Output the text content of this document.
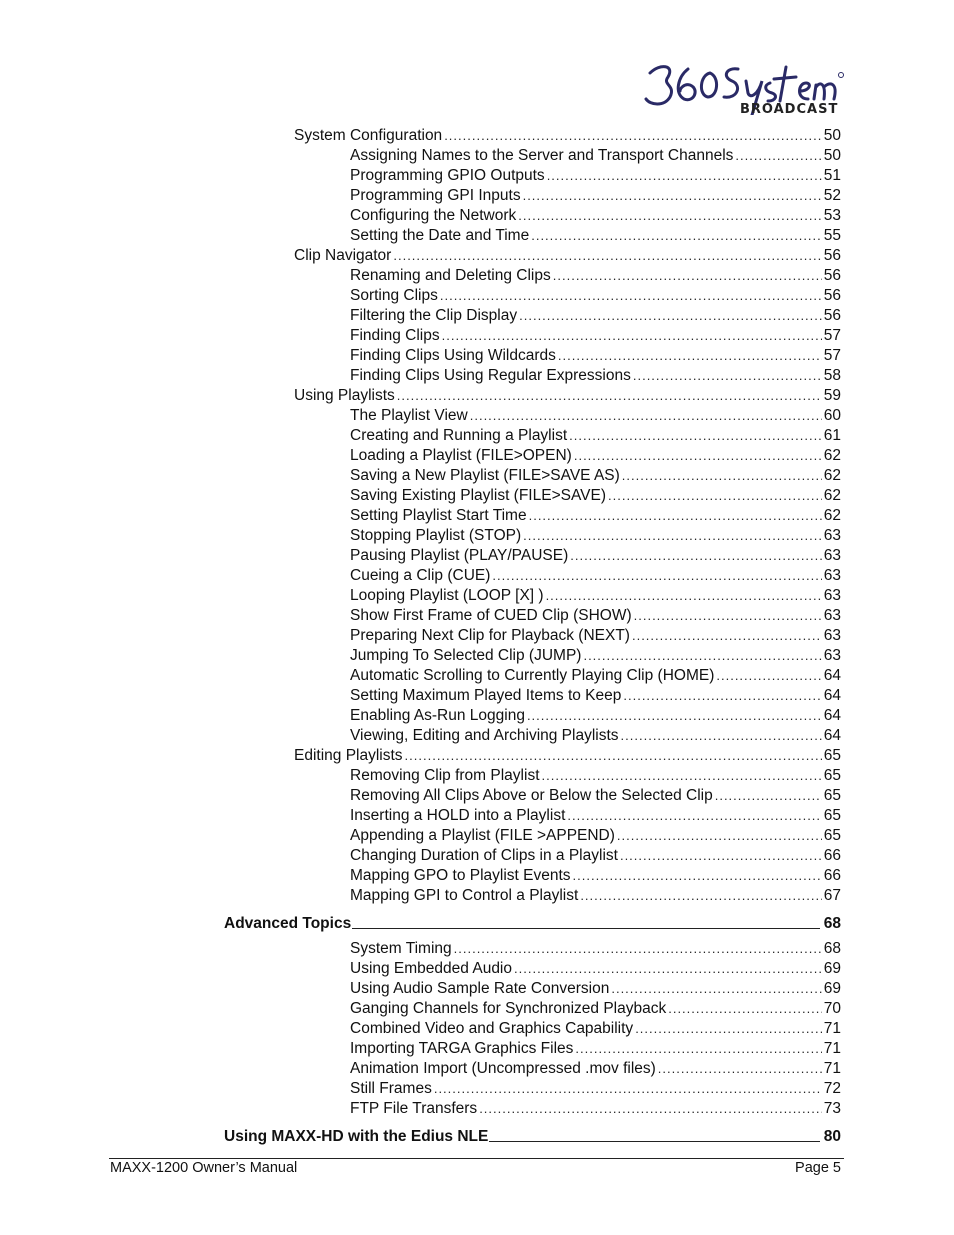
BROADCAST
System Configuration .....	50
Assigning Names to the Server and Transport Channels .....	50
Programming GPIO Outputs .....	51
Programming GPI Inputs .....	52
Configuring the Network .....	53
Setting the Date and Time .....	55
Clip Navigator .....	56
Renaming and Deleting Clips .....	56
Sorting Clips .....	56
Filtering the Clip Display .....	56
Finding Clips .....	57
Finding Clips Using Wildcards .....	57
Finding Clips Using Regular Expressions .....	58
Using Playlists .....	59
The Playlist View .....	60
Creating and Running a Playlist .....	61
Loading a Playlist (FILE>OPEN) .....	62
Saving a New Playlist (FILE>SAVE AS) .....	62
Saving Existing Playlist (FILE>SAVE) .....	62
Setting Playlist Start Time .....	62
Stopping Playlist (STOP) .....	63
Pausing Playlist (PLAY/PAUSE) .....	63
Cueing a Clip (CUE) .....	63
Looping Playlist (LOOP [X] ) .....	63
Show First Frame of CUED Clip (SHOW) .....	63
Preparing Next Clip for Playback (NEXT) .....	63
Jumping To Selected Clip (JUMP) .....	63
Automatic Scrolling to Currently Playing Clip (HOME) .....	64
Setting Maximum Played Items to Keep .....	64
Enabling As-Run Logging .....	64
Viewing, Editing and Archiving Playlists .....	64
Editing Playlists .....	65
Removing Clip from Playlist .....	65
Removing All Clips Above or Below the Selected Clip .....	65
Inserting a HOLD into a Playlist .....	65
Appending a Playlist (FILE >APPEND) .....	65
Changing Duration of Clips in a Playlist .....	66
Mapping GPO to Playlist Events .....	66
Mapping GPI to Control a Playlist .....	67
Advanced Topics	68
System Timing .....	68
Using Embedded Audio .....	69
Using Audio Sample Rate Conversion .....	69
Ganging Channels for Synchronized Playback .....	70
Combined Video and Graphics Capability .....	71
Importing TARGA Graphics Files .....	71
Animation Import (Uncompressed .mov files) .....	71
Still Frames .....	72
FTP File Transfers .....	73
Using MAXX-HD with the Edius NLE	80
MAXX-1200 Owner’s Manual	Page 5
